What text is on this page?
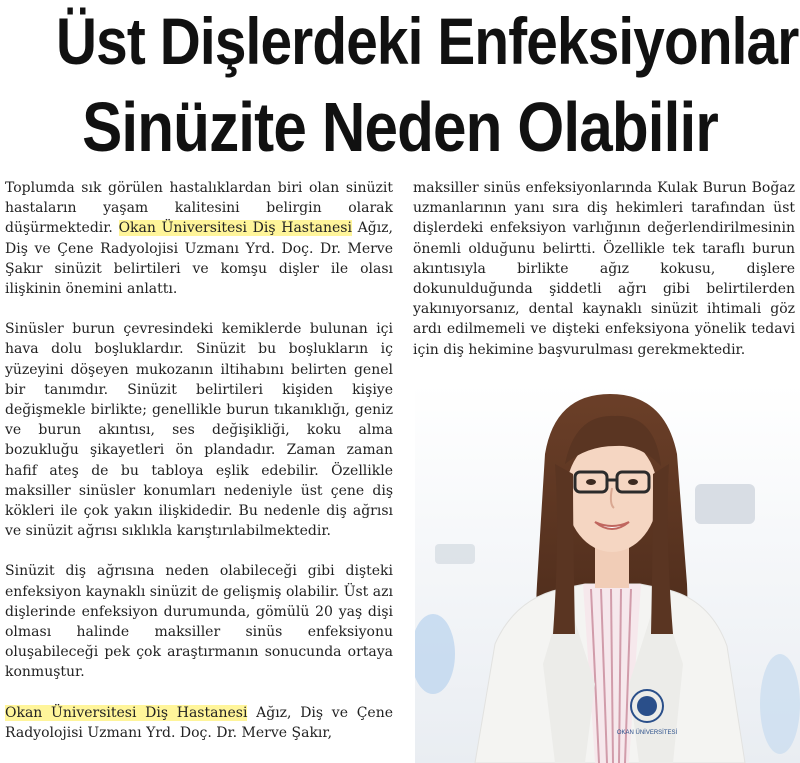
Üst Dişlerdeki Enfeksiyonlar
Sinüzite Neden Olabilir

Toplumda sık görülen hastalıklardan biri olan sinüzit hastaların yaşam kalitesini belirgin olarak düşürmektedir. Okan Üniversitesi Diş Hastanesi Ağız, Diş ve Çene Radyolojisi Uzmanı Yrd. Doç. Dr. Merve Şakır sinüzit belirtileri ve komşu dişler ile olası ilişkinin önemini anlattı.

Sinüsler burun çevresindeki kemiklerde bulunan içi hava dolu boşluklardır. Sinüzit bu boşlukların iç yüzeyini döşeyen mukozanın iltihabını belirten genel bir tanımdır. Sinüzit belirtileri kişiden kişiye değişmekle birlikte; genellikle burun tıkanıklığı, geniz ve burun akıntısı, ses değişikliği, koku alma bozukluğu şikayetleri ön plandadır. Zaman zaman hafif ateş de bu tabloya eşlik edebilir. Özellikle maksiller sinüsler konumları nedeniyle üst çene diş kökleri ile çok yakın ilişkidedir. Bu nedenle diş ağrısı ve sinüzit ağrısı sıklıkla karıştırılabilmektedir.

Sinüzit diş ağrısına neden olabileceği gibi dişteki enfeksiyon kaynaklı sinüzit de gelişmiş olabilir. Üst azı dişlerinde enfeksiyon durumunda, gömülü 20 yaş dişi olması halinde maksiller sinüs enfeksiyonu oluşabileceği pek çok araştırmanın sonucunda ortaya konmuştur.

Okan Üniversitesi Diş Hastanesi Ağız, Diş ve Çene Radyolojisi Uzmanı Yrd. Doç. Dr. Merve Şakır,

maksiller sinüs enfeksiyonlarında Kulak Burun Boğaz uzmanlarının yanı sıra diş hekimleri tarafından üst dişlerdeki enfeksiyon varlığının değerlendirilmesinin önemli olduğunu belirtti. Özellikle tek taraflı burun akıntısıyla birlikte ağız kokusu, dişlere dokunulduğunda şiddetli ağrı gibi belirtilerden yakınıyorsanız, dental kaynaklı sinüzit ihtimali göz ardı edilmemeli ve dişteki enfeksiyona yönelik tedavi için diş hekimine başvurulması gerekmektedir.

OKAN ÜNİVERSİTESİ
